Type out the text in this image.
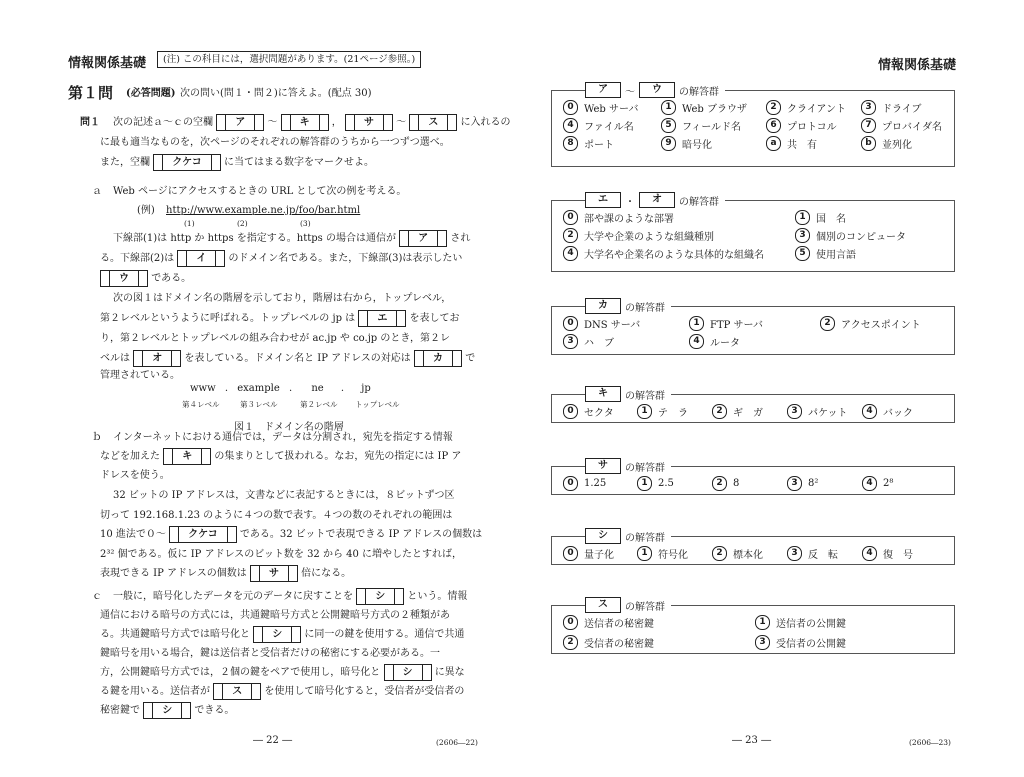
情報関係基礎	(注) この科目には，選択問題があります。(21ページ参照。)
第１問 (必答問題) 次の問い(問１・問２)に答えよ。(配点 30)
問１ 次の記述ａ～ｃの空欄 ア ～ キ ， サ ～ ス に入れるの
に最も適当なものを，次ページのそれぞれの解答群のうちから一つずつ選べ。
また，空欄 クケコ に当てはまる数字をマークせよ。
ａ Web ページにアクセスするときの URL として次の例を考える。
(例) http://www.example.ne.jp/foo/bar.html
(1)	(2)	(3)
下線部(1)は http か https を指定する。https の場合は通信が ア され
る。下線部(2)は イ のドメイン名である。また，下線部(3)は表示したい
ウ である。
次の図１はドメイン名の階層を示しており，階層は右から，トップレベル，
第２レベルというように呼ばれる。トップレベルの jp は エ を表してお
り，第２レベルとトップレベルの組み合わせが ac.jp や co.jp のとき，第２レ
ベルは オ を表している。ドメイン名と IP アドレスの対応は カ で
管理されている。
www . example . ne . jp
第４レベル	第３レベル	第２レベル トップレベル
図１　ドメイン名の階層
ｂ インターネットにおける通信では，データは分割され，宛先を指定する情報
などを加えた キ の集まりとして扱われる。なお，宛先の指定には IP ア
ドレスを使う。
32 ビットの IP アドレスは，文書などに表記するときには，８ビットずつ区
切って 192.168.1.23 のように４つの数で表す。４つの数のそれぞれの範囲は
10 進法で０～ クケコ である。32 ビットで表現できる IP アドレスの個数は
2³² 個である。仮に IP アドレスのビット数を 32 から 40 に増やしたとすれば，
表現できる IP アドレスの個数は サ 倍になる。
ｃ 一般に，暗号化したデータを元のデータに戻すことを シ という。情報
通信における暗号の方式には，共通鍵暗号方式と公開鍵暗号方式の２種類があ
る。共通鍵暗号方式では暗号化と シ に同一の鍵を使用する。通信で共通
鍵暗号を用いる場合，鍵は送信者と受信者だけの秘密にする必要がある。一
方，公開鍵暗号方式では，２個の鍵をペアで使用し，暗号化と シ に異な
る鍵を用いる。送信者が ス を使用して暗号化すると，受信者が受信者の
秘密鍵で シ できる。
― 22 ―	(2606―22)
情報関係基礎
― 23 ―	(2606―23)
ア	～	ウ	の解答群
0	Web サーバ	1	Web ブラウザ	2	クライアント	3	ドライブ
4	ファイル名	5	フィールド名	6	プロトコル	7	プロバイダ名
8	ポート	9	暗号化	a	共　有	b	並列化
エ	・	オ	の解答群
0	部や課のような部署	1	国　名
2	大学や企業のような組織種別	3	個別のコンピュータ
4	大学名や企業名のような具体的な組織名	5	使用言語
カ	の解答群
0	DNS サーバ	1	FTP サーバ	2	アクセスポイント
3	ハ　ブ	4	ルータ
キ	の解答群
0	セクタ	1	テ　ラ	2	ギ　ガ	3	パケット	4	バック
サ	の解答群
0	1.25	1	2.5	2	8	3	8²	4	2⁸
シ	の解答群
0	量子化	1	符号化	2	標本化	3	反　転	4	復　号
ス	の解答群
0	送信者の秘密鍵	1	送信者の公開鍵
2	受信者の秘密鍵	3	受信者の公開鍵
